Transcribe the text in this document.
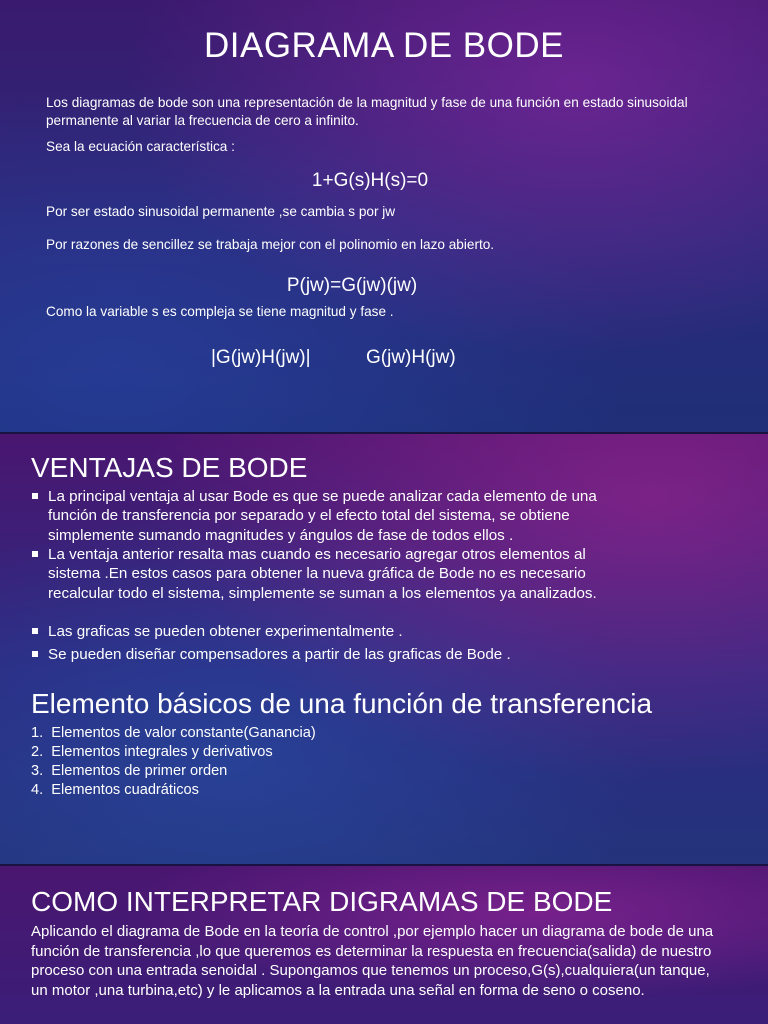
DIAGRAMA DE BODE
Los diagramas de bode son una representación de la magnitud y fase de una función en estado sinusoidal permanente al variar la frecuencia de cero a infinito.
Sea la ecuación característica :
1+G(s)H(s)=0
Por ser estado sinusoidal permanente ,se cambia s por jw
Por razones de sencillez se trabaja mejor con el polinomio en lazo abierto.
P(jw)=G(jw)(jw)
Como la variable s es compleja se tiene magnitud y fase .
|G(jw)H(jw)|	G(jw)H(jw)
VENTAJAS DE BODE
La principal ventaja al usar Bode es que se puede analizar cada elemento de una función de transferencia por separado y el efecto total del sistema, se obtiene simplemente sumando magnitudes y ángulos de fase de todos ellos .
La ventaja anterior resalta mas cuando es necesario agregar otros elementos al sistema .En estos casos para obtener la nueva gráfica de Bode no es necesario recalcular todo el sistema, simplemente se suman a los elementos ya analizados.
Las graficas se pueden obtener experimentalmente .
Se pueden diseñar compensadores a partir de las graficas de Bode .
Elemento básicos de una función de transferencia
1.  Elementos de valor constante(Ganancia)
2.  Elementos integrales y derivativos
3.  Elementos de primer orden
4.  Elementos cuadráticos
COMO INTERPRETAR DIGRAMAS DE BODE
Aplicando el diagrama de Bode en la teoría de control ,por ejemplo hacer un diagrama de bode de una función de transferencia ,lo que queremos es determinar la respuesta en frecuencia(salida) de nuestro proceso con una entrada senoidal . Supongamos que tenemos un proceso,G(s),cualquiera(un tanque, un motor ,una turbina,etc) y le aplicamos a la entrada una señal en forma de seno o coseno.
